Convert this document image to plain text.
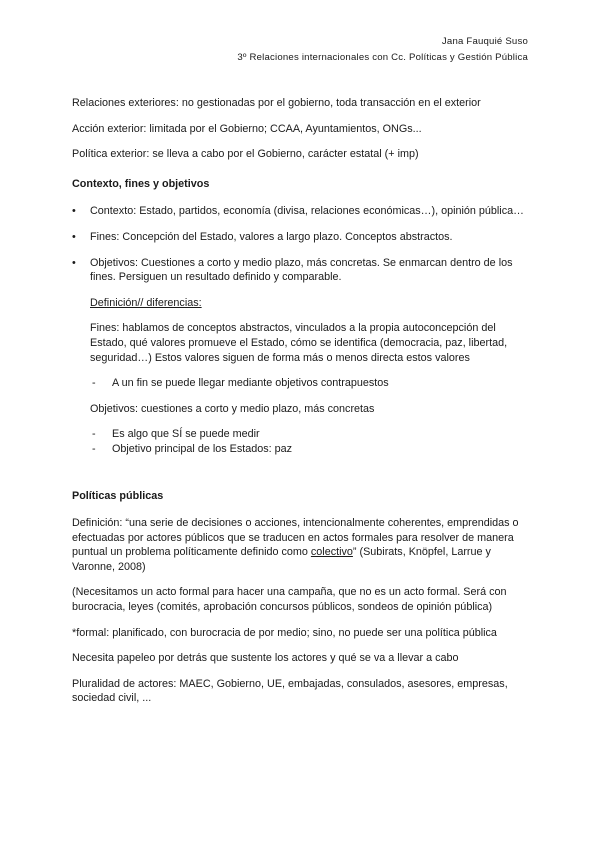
Jana Fauquié Suso
3º Relaciones internacionales con Cc. Políticas y Gestión Pública

Relaciones exteriores: no gestionadas por el gobierno, toda transacción en el exterior

Acción exterior: limitada por el Gobierno; CCAA, Ayuntamientos, ONGs...

Política exterior: se lleva a cabo por el Gobierno, carácter estatal (+ imp)

Contexto, fines y objetivos

• Contexto: Estado, partidos, economía (divisa, relaciones económicas…), opinión pública…
• Fines: Concepción del Estado, valores a largo plazo. Conceptos abstractos.
• Objetivos: Cuestiones a corto y medio plazo, más concretas. Se enmarcan dentro de los fines. Persiguen un resultado definido y comparable.

Definición// diferencias:

Fines: hablamos de conceptos abstractos, vinculados a la propia autoconcepción del Estado, qué valores promueve el Estado, cómo se identifica (democracia, paz, libertad, seguridad…) Estos valores siguen de forma más o menos directa estos valores

- A un fin se puede llegar mediante objetivos contrapuestos

Objetivos: cuestiones a corto y medio plazo, más concretas

- Es algo que SÍ se puede medir
- Objetivo principal de los Estados: paz

Políticas públicas

Definición: “una serie de decisiones o acciones, intencionalmente coherentes, emprendidas o efectuadas por actores públicos que se traducen en actos formales para resolver de manera puntual un problema políticamente definido como colectivo” (Subirats, Knöpfel, Larrue y Varonne, 2008)

(Necesitamos un acto formal para hacer una campaña, que no es un acto formal. Será con burocracia, leyes (comités, aprobación concursos públicos, sondeos de opinión pública)

*formal: planificado, con burocracia de por medio; sino, no puede ser una política pública

Necesita papeleo por detrás que sustente los actores y qué se va a llevar a cabo

Pluralidad de actores: MAEC, Gobierno, UE, embajadas, consulados, asesores, empresas, sociedad civil, ...
